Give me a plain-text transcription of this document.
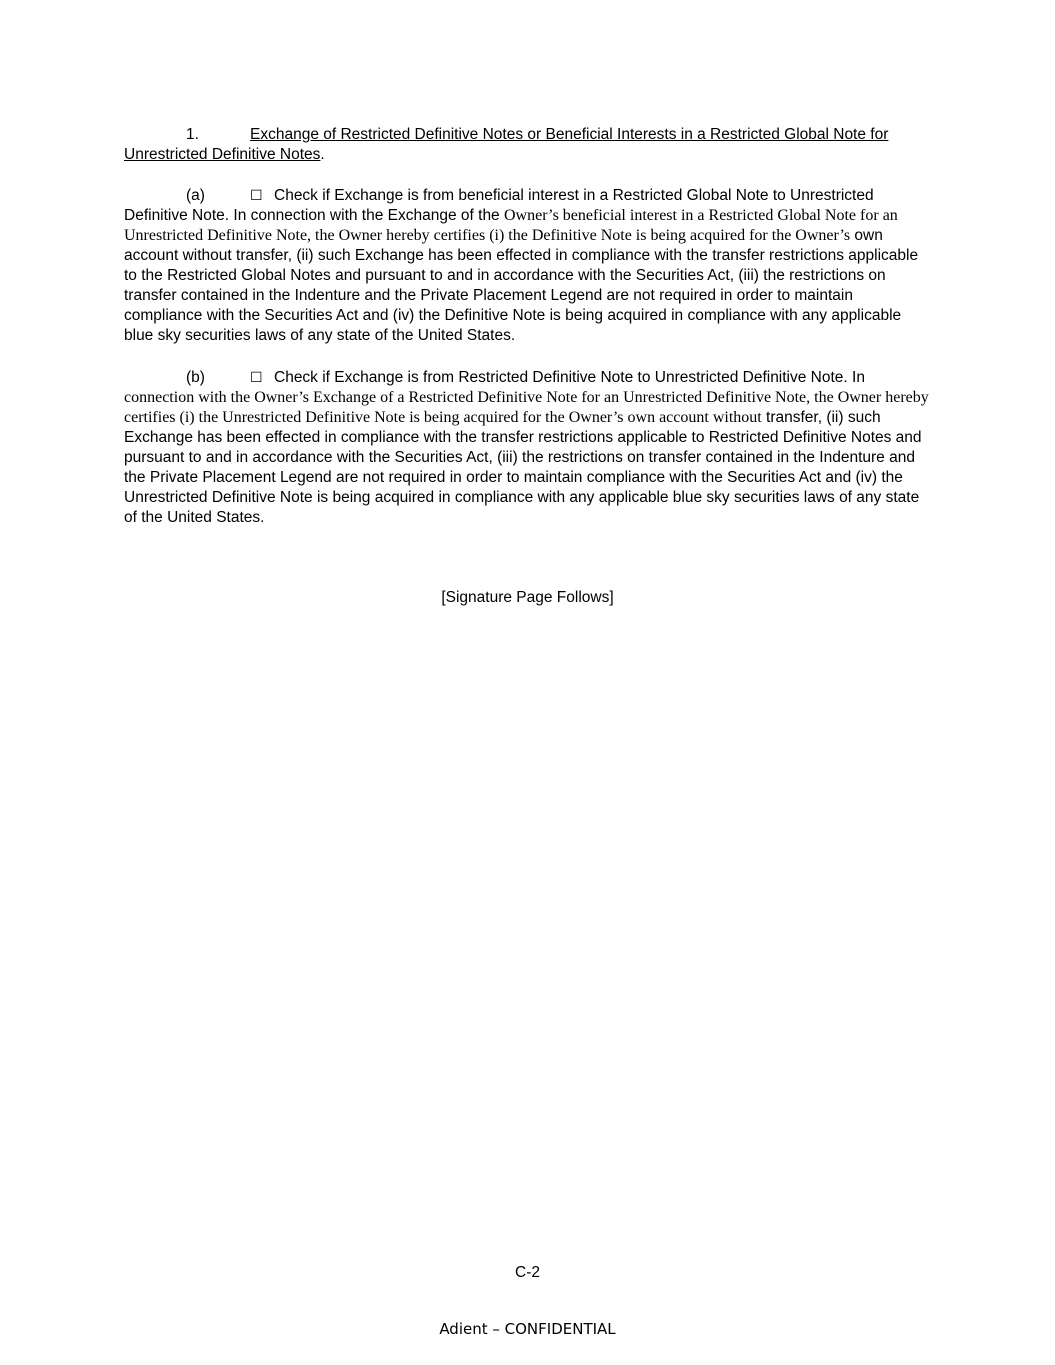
1.	Exchange of Restricted Definitive Notes or Beneficial Interests in a Restricted Global Note for Unrestricted Definitive Notes.
(a)	☐ Check if Exchange is from beneficial interest in a Restricted Global Note to Unrestricted Definitive Note. In connection with the Exchange of the Owner’s beneficial interest in a Restricted Global Note for an Unrestricted Definitive Note, the Owner hereby certifies (i) the Definitive Note is being acquired for the Owner’s own account without transfer, (ii) such Exchange has been effected in compliance with the transfer restrictions applicable to the Restricted Global Notes and pursuant to and in accordance with the Securities Act, (iii) the restrictions on transfer contained in the Indenture and the Private Placement Legend are not required in order to maintain compliance with the Securities Act and (iv) the Definitive Note is being acquired in compliance with any applicable blue sky securities laws of any state of the United States.
(b)	☐ Check if Exchange is from Restricted Definitive Note to Unrestricted Definitive Note. In connection with the Owner’s Exchange of a Restricted Definitive Note for an Unrestricted Definitive Note, the Owner hereby certifies (i) the Unrestricted Definitive Note is being acquired for the Owner’s own account without transfer, (ii) such Exchange has been effected in compliance with the transfer restrictions applicable to Restricted Definitive Notes and pursuant to and in accordance with the Securities Act, (iii) the restrictions on transfer contained in the Indenture and the Private Placement Legend are not required in order to maintain compliance with the Securities Act and (iv) the Unrestricted Definitive Note is being acquired in compliance with any applicable blue sky securities laws of any state of the United States.
[Signature Page Follows]
C-2
Adient – CONFIDENTIAL
